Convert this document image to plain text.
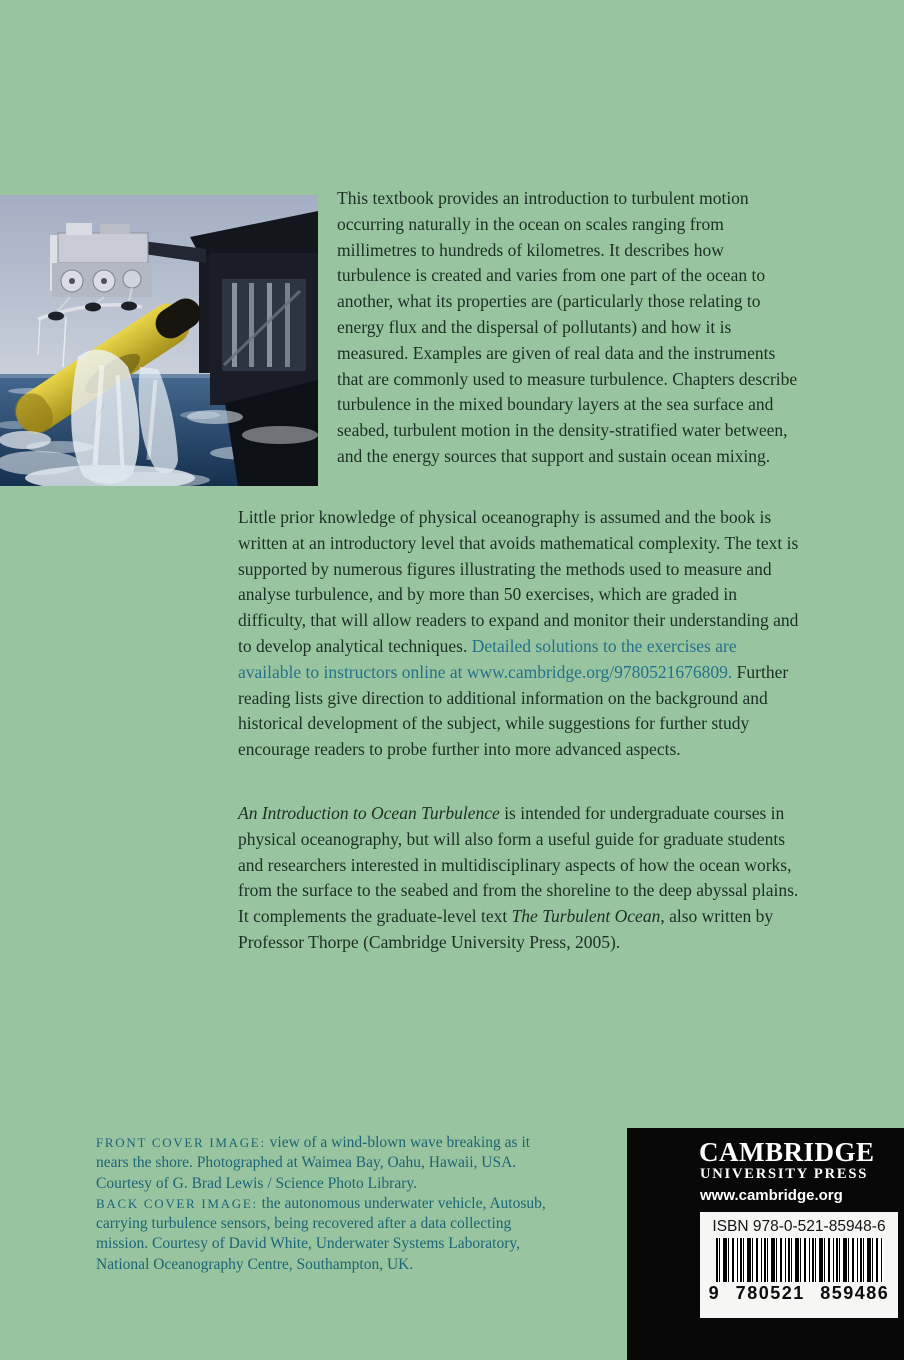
This textbook provides an introduction to turbulent motion occurring naturally in the ocean on scales ranging from millimetres to hundreds of kilometres. It describes how turbulence is created and varies from one part of the ocean to another, what its properties are (particularly those relating to energy flux and the dispersal of pollutants) and how it is measured. Examples are given of real data and the instruments that are commonly used to measure turbulence. Chapters describe turbulence in the mixed boundary layers at the sea surface and seabed, turbulent motion in the density-stratified water between, and the energy sources that support and sustain ocean mixing.

Little prior knowledge of physical oceanography is assumed and the book is written at an introductory level that avoids mathematical complexity. The text is supported by numerous figures illustrating the methods used to measure and analyse turbulence, and by more than 50 exercises, which are graded in difficulty, that will allow readers to expand and monitor their understanding and to develop analytical techniques. Detailed solutions to the exercises are available to instructors online at www.cambridge.org/9780521676809. Further reading lists give direction to additional information on the background and historical development of the subject, while suggestions for further study encourage readers to probe further into more advanced aspects.

An Introduction to Ocean Turbulence is intended for undergraduate courses in physical oceanography, but will also form a useful guide for graduate students and researchers interested in multidisciplinary aspects of how the ocean works, from the surface to the seabed and from the shoreline to the deep abyssal plains. It complements the graduate-level text The Turbulent Ocean, also written by Professor Thorpe (Cambridge University Press, 2005).

FRONT COVER IMAGE: view of a wind-blown wave breaking as it nears the shore. Photographed at Waimea Bay, Oahu, Hawaii, USA. Courtesy of G. Brad Lewis / Science Photo Library.
BACK COVER IMAGE: the autonomous underwater vehicle, Autosub, carrying turbulence sensors, being recovered after a data collecting mission. Courtesy of David White, Underwater Systems Laboratory, National Oceanography Centre, Southampton, UK.
CAMBRIDGE
UNIVERSITY PRESS
www.cambridge.org
ISBN 978-0-521-85948-6
9 780521 859486
